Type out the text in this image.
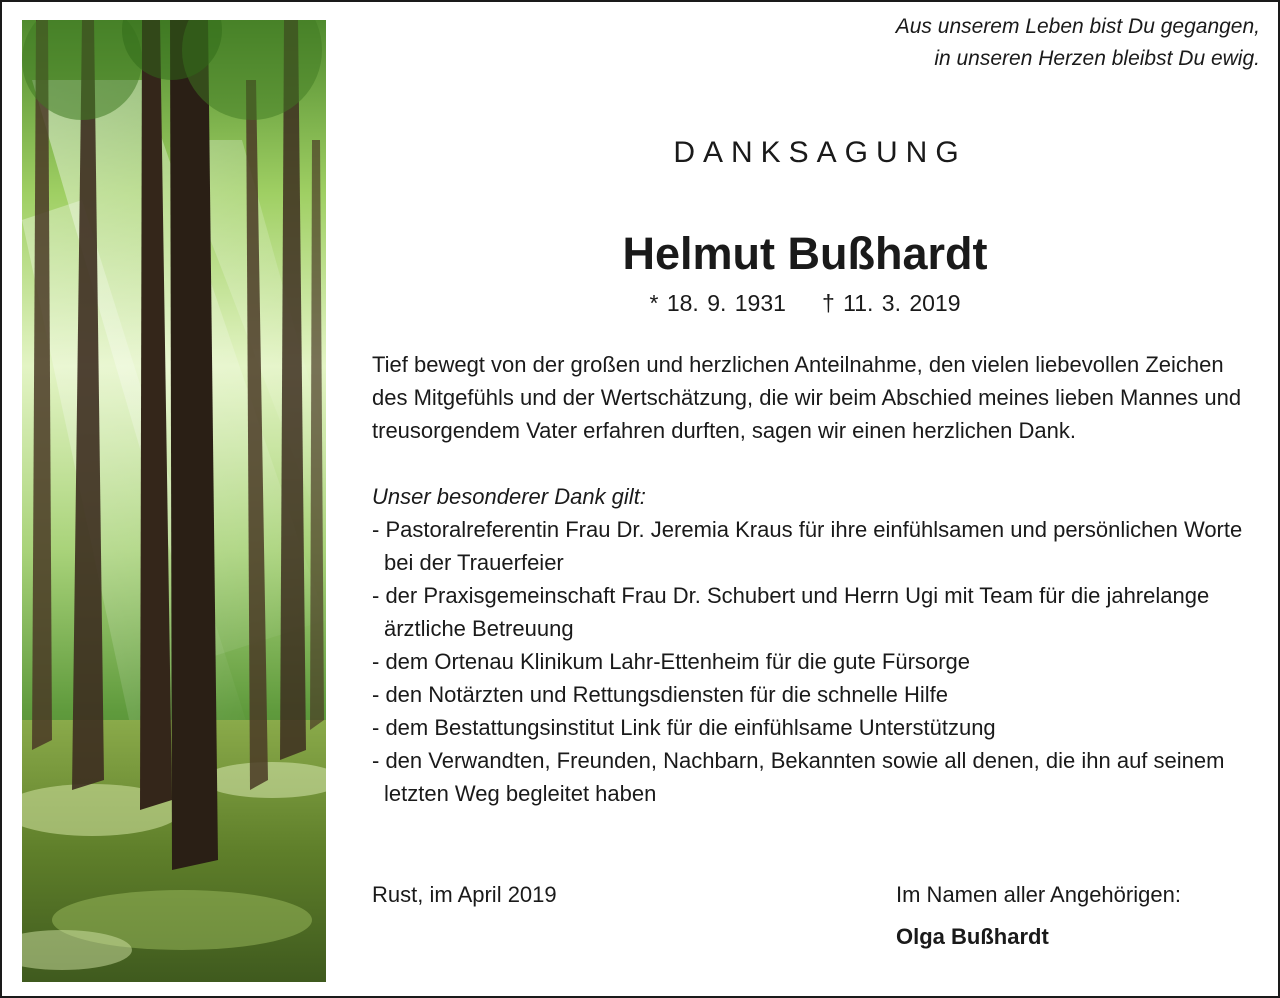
Aus unserem Leben bist Du gegangen,
in unseren Herzen bleibst Du ewig.
DANKSAGUNG
Helmut Bußhardt
* 18. 9. 1931 † 11. 3. 2019

Tief bewegt von der großen und herzlichen Anteilnahme, den vielen liebevollen Zeichen des Mitgefühls und der Wertschätzung, die wir beim Abschied meines lieben Mannes und treusorgendem Vater erfahren durften, sagen wir einen herzlichen Dank.

Unser besonderer Dank gilt:

- Pastoralreferentin Frau Dr. Jeremia Kraus für ihre einfühlsamen und persönlichen Worte bei der Trauerfeier
- der Praxisgemeinschaft Frau Dr. Schubert und Herrn Ugi mit Team für die jahrelange ärztliche Betreuung
- dem Ortenau Klinikum Lahr-Ettenheim für die gute Fürsorge
- den Notärzten und Rettungsdiensten für die schnelle Hilfe
- dem Bestattungsinstitut Link für die einfühlsame Unterstützung
- den Verwandten, Freunden, Nachbarn, Bekannten sowie all denen, die ihn auf seinem letzten Weg begleitet haben
Rust, im April 2019	Im Namen aller Angehörigen:
Olga Bußhardt
